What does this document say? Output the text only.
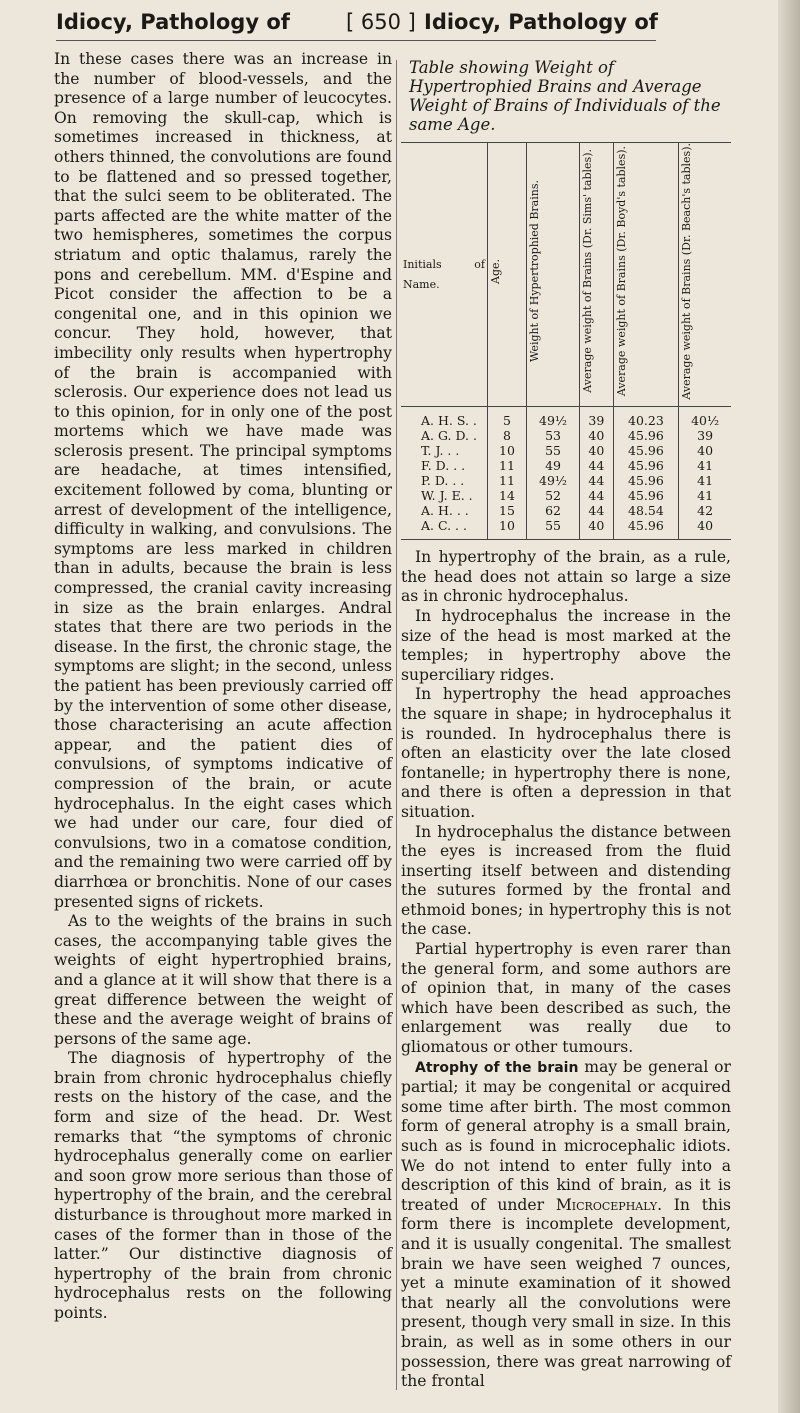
Idiocy, Pathology of	[ 650 ] Idiocy, Pathology of

In these cases there was an increase in the number of blood-vessels, and the presence of a large number of leucocytes. On removing the skull-cap, which is sometimes increased in thickness, at others thinned, the convolutions are found to be flattened and so pressed together, that the sulci seem to be obliterated. The parts affected are the white matter of the two hemispheres, sometimes the corpus striatum and optic thalamus, rarely the pons and cerebellum. MM. d'Espine and Picot consider the affection to be a congenital one, and in this opinion we concur. They hold, however, that imbecility only results when hypertrophy of the brain is accompanied with sclerosis. Our experience does not lead us to this opinion, for in only one of the post mortems which we have made was sclerosis present. The principal symptoms are headache, at times intensified, excitement followed by coma, blunting or arrest of development of the intelligence, difficulty in walking, and convulsions. The symptoms are less marked in children than in adults, because the brain is less compressed, the cranial cavity increasing in size as the brain enlarges. Andral states that there are two periods in the disease. In the first, the chronic stage, the symptoms are slight; in the second, unless the patient has been previously carried off by the intervention of some other disease, those characterising an acute affection appear, and the patient dies of convulsions, of symptoms indicative of compression of the brain, or acute hydrocephalus. In the eight cases which we had under our care, four died of convulsions, two in a comatose condition, and the remaining two were carried off by diarrhœa or bronchitis. None of our cases presented signs of rickets.

As to the weights of the brains in such cases, the accompanying table gives the weights of eight hypertrophied brains, and a glance at it will show that there is a great difference between the weight of these and the average weight of brains of persons of the same age.

The diagnosis of hypertrophy of the brain from chronic hydrocephalus chiefly rests on the history of the case, and the form and size of the head. Dr. West remarks that “the symptoms of chronic hydrocephalus generally come on earlier and soon grow more serious than those of hypertrophy of the brain, and the cerebral disturbance is throughout more marked in cases of the former than in those of the latter.” Our distinctive diagnosis of hypertrophy of the brain from chronic hydrocephalus rests on the following points.

Table showing Weight of Hypertrophied Brains and Average Weight of Brains of Individuals of the same Age.

Initials of Name.	Age.	Weight of Hypertrophied Brains.	Average weight of Brains (Dr. Sims' tables).	Average weight of Brains (Dr. Boyd's tables).	Average weight of Brains (Dr. Beach's tables).
A. H. S. .	5	49½	39	40.23	40½
A. G. D. .	8	53	40	45.96	39
T. J. . .	10	55	40	45.96	40
F. D. . .	11	49	44	45.96	41
P. D. . .	11	49½	44	45.96	41
W. J. E. .	14	52	44	45.96	41
A. H. . .	15	62	44	48.54	42
A. C. . .	10	55	40	45.96	40

In hypertrophy of the brain, as a rule, the head does not attain so large a size as in chronic hydrocephalus.

In hydrocephalus the increase in the size of the head is most marked at the temples; in hypertrophy above the superciliary ridges.

In hypertrophy the head approaches the square in shape; in hydrocephalus it is rounded. In hydrocephalus there is often an elasticity over the late closed fontanelle; in hypertrophy there is none, and there is often a depression in that situation.

In hydrocephalus the distance between the eyes is increased from the fluid inserting itself between and distending the sutures formed by the frontal and ethmoid bones; in hypertrophy this is not the case.

Partial hypertrophy is even rarer than the general form, and some authors are of opinion that, in many of the cases which have been described as such, the enlargement was really due to gliomatous or other tumours.

Atrophy of the brain may be general or partial; it may be congenital or acquired some time after birth. The most common form of general atrophy is a small brain, such as is found in microcephalic idiots. We do not intend to enter fully into a description of this kind of brain, as it is treated of under Microcephaly. In this form there is incomplete development, and it is usually congenital. The smallest brain we have seen weighed 7 ounces, yet a minute examination of it showed that nearly all the convolutions were present, though very small in size. In this brain, as well as in some others in our possession, there was great narrowing of the frontal
